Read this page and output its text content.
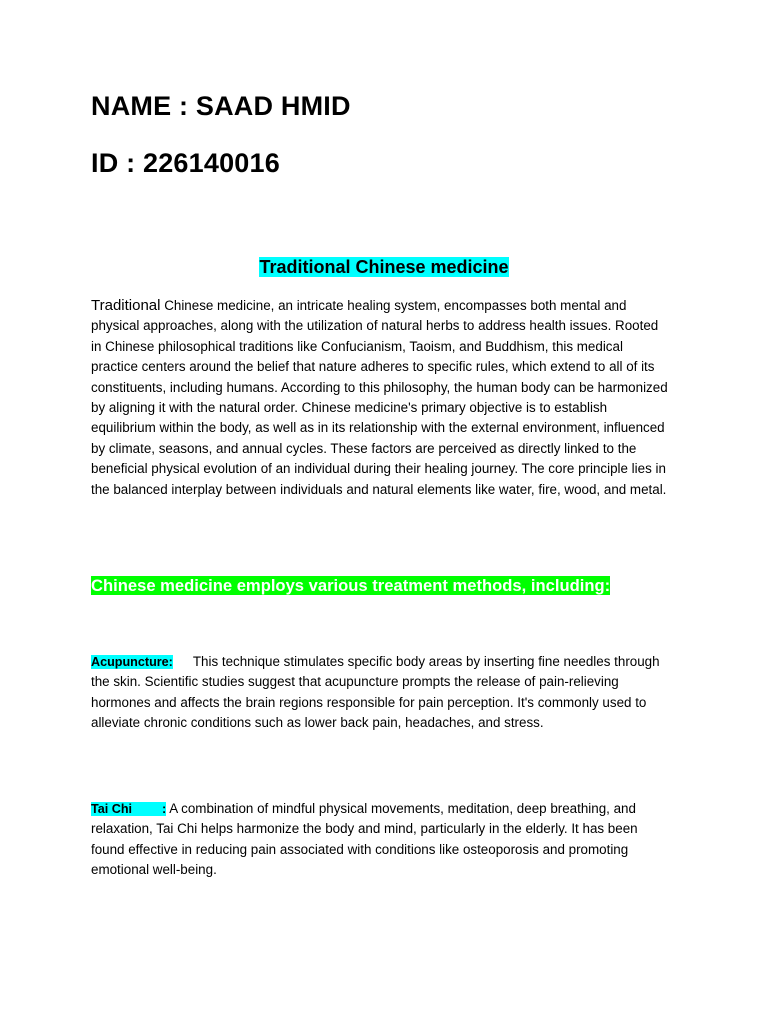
NAME : SAAD HMID
ID : 226140016
Traditional Chinese medicine

Traditional Chinese medicine, an intricate healing system, encompasses both mental and physical approaches, along with the utilization of natural herbs to address health issues. Rooted in Chinese philosophical traditions like Confucianism, Taoism, and Buddhism, this medical practice centers around the belief that nature adheres to specific rules, which extend to all of its constituents, including humans. According to this philosophy, the human body can be harmonized by aligning it with the natural order. Chinese medicine's primary objective is to establish equilibrium within the body, as well as in its relationship with the external environment, influenced by climate, seasons, and annual cycles. These factors are perceived as directly linked to the beneficial physical evolution of an individual during their healing journey. The core principle lies in the balanced interplay between individuals and natural elements like water, fire, wood, and metal.

Chinese medicine employs various treatment methods, including:

Acupuncture: This technique stimulates specific body areas by inserting fine needles through the skin. Scientific studies suggest that acupuncture prompts the release of pain-relieving hormones and affects the brain regions responsible for pain perception. It's commonly used to alleviate chronic conditions such as lower back pain, headaches, and stress.

Tai Chi : A combination of mindful physical movements, meditation, deep breathing, and relaxation, Tai Chi helps harmonize the body and mind, particularly in the elderly. It has been found effective in reducing pain associated with conditions like osteoporosis and promoting emotional well-being.
